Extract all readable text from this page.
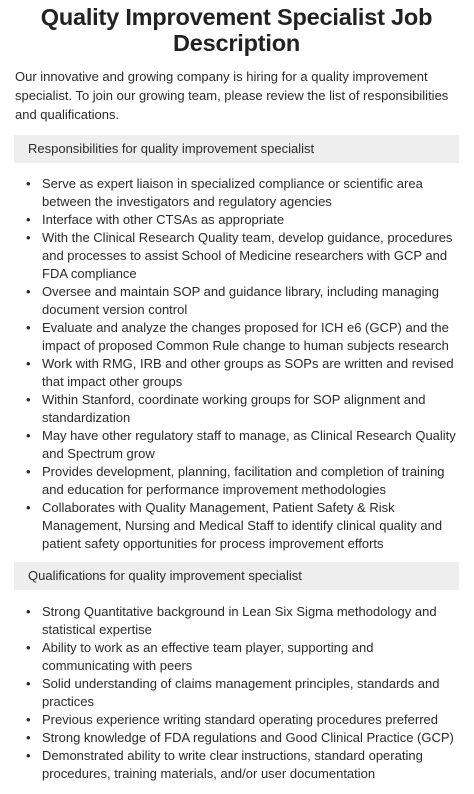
Quality Improvement Specialist Job Description

Our innovative and growing company is hiring for a quality improvement specialist. To join our growing team, please review the list of responsibilities and qualifications.

Responsibilities for quality improvement specialist
• Serve as expert liaison in specialized compliance or scientific area between the investigators and regulatory agencies
• Interface with other CTSAs as appropriate
• With the Clinical Research Quality team, develop guidance, procedures and processes to assist School of Medicine researchers with GCP and FDA compliance
• Oversee and maintain SOP and guidance library, including managing document version control
• Evaluate and analyze the changes proposed for ICH e6 (GCP) and the impact of proposed Common Rule change to human subjects research
• Work with RMG, IRB and other groups as SOPs are written and revised that impact other groups
• Within Stanford, coordinate working groups for SOP alignment and standardization
• May have other regulatory staff to manage, as Clinical Research Quality and Spectrum grow
• Provides development, planning, facilitation and completion of training and education for performance improvement methodologies
• Collaborates with Quality Management, Patient Safety & Risk Management, Nursing and Medical Staff to identify clinical quality and patient safety opportunities for process improvement efforts
Qualifications for quality improvement specialist
• Strong Quantitative background in Lean Six Sigma methodology and statistical expertise
• Ability to work as an effective team player, supporting and communicating with peers
• Solid understanding of claims management principles, standards and practices
• Previous experience writing standard operating procedures preferred
• Strong knowledge of FDA regulations and Good Clinical Practice (GCP)
• Demonstrated ability to write clear instructions, standard operating procedures, training materials, and/or user documentation
